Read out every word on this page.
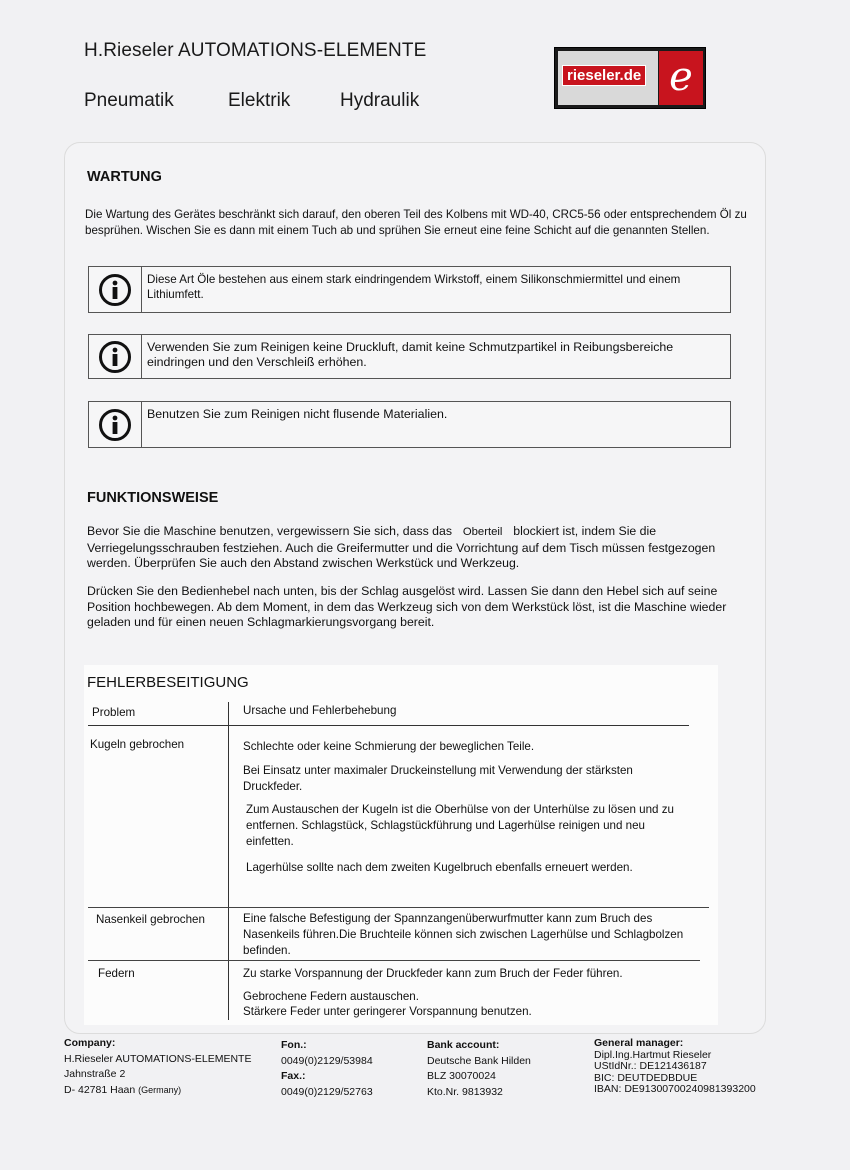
H.Rieseler AUTOMATIONS-ELEMENTE
Pneumatik	Elektrik	Hydraulik
rieseler.de e
WARTUNG
Die Wartung des Gerätes beschränkt sich darauf, den oberen Teil des Kolbens mit WD-40, CRC5-56 oder entsprechendem Öl zu besprühen. Wischen Sie es dann mit einem Tuch ab und sprühen Sie erneut eine feine Schicht auf die genannten Stellen.
Diese Art Öle bestehen aus einem stark eindringendem Wirkstoff, einem Silikonschmiermittel und einem Lithiumfett.
Verwenden Sie zum Reinigen keine Druckluft, damit keine Schmutzpartikel in Reibungsbereiche eindringen und den Verschleiß erhöhen.
Benutzen Sie zum Reinigen nicht flusende Materialien.
FUNKTIONSWEISE
Bevor Sie die Maschine benutzen, vergewissern Sie sich, dass das Oberteil blockiert ist, indem Sie die Verriegelungsschrauben festziehen. Auch die Greifermutter und die Vorrichtung auf dem Tisch müssen festgezogen werden. Überprüfen Sie auch den Abstand zwischen Werkstück und Werkzeug.
Drücken Sie den Bedienhebel nach unten, bis der Schlag ausgelöst wird. Lassen Sie dann den Hebel sich auf seine Position hochbewegen. Ab dem Moment, in dem das Werkzeug sich von dem Werkstück löst, ist die Maschine wieder geladen und für einen neuen Schlagmarkierungsvorgang bereit.
FEHLERBESEITIGUNG
Problem	Ursache und Fehlerbehebung
Kugeln gebrochen	Schlechte oder keine Schmierung der beweglichen Teile.
Bei Einsatz unter maximaler Druckeinstellung mit Verwendung der stärksten Druckfeder.
Zum Austauschen der Kugeln ist die Oberhülse von der Unterhülse zu lösen und zu entfernen. Schlagstück, Schlagstückführung und Lagerhülse reinigen und neu einfetten.
Lagerhülse sollte nach dem zweiten Kugelbruch ebenfalls erneuert werden.
Nasenkeil gebrochen	Eine falsche Befestigung der Spannzangenüberwurfmutter kann zum Bruch des Nasenkeils führen.Die Bruchteile können sich zwischen Lagerhülse und Schlagbolzen befinden.
Federn	Zu starke Vorspannung der Druckfeder kann zum Bruch der Feder führen.
Gebrochene Federn austauschen.
Stärkere Feder unter geringerer Vorspannung benutzen.
Company:
H.Rieseler AUTOMATIONS-ELEMENTE
Jahnstraße 2
D- 42781 Haan (Germany)
Fon.:
0049(0)2129/53984
Fax.:
0049(0)2129/52763
Bank account:
Deutsche Bank Hilden
BLZ 30070024
Kto.Nr. 9813932
General manager:
Dipl.Ing.Hartmut Rieseler
UStIdNr.: DE121436187
BIC: DEUTDEDBDUE
IBAN: DE91300700240981393200
